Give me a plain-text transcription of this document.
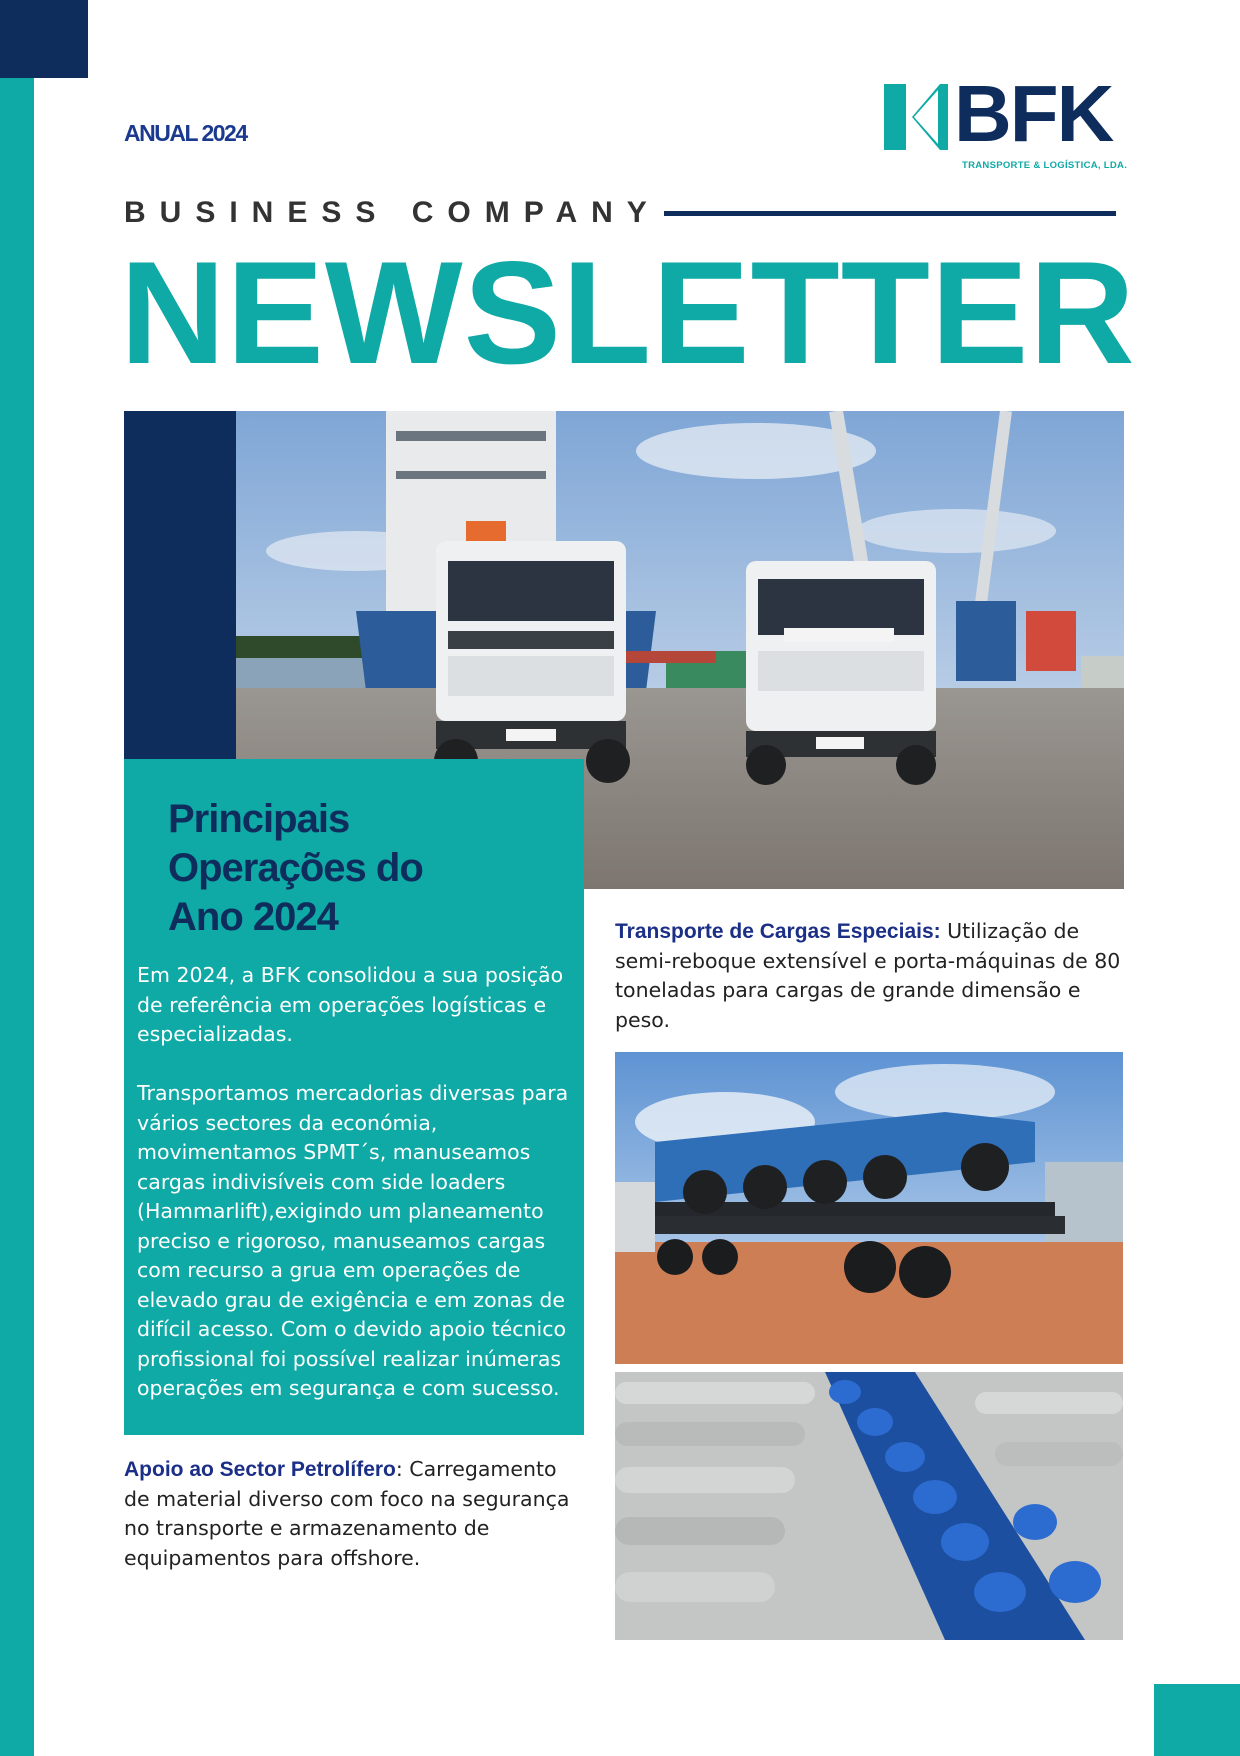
ANUAL 2024	BFK
TRANSPORTE & LOGÍSTICA, LDA.
BUSINESS COMPANY
NEWSLETTER
Principais
Operações do
Ano 2024

Em 2024, a BFK consolidou a sua posição de referência em operações logísticas e especializadas.

Transportamos mercadorias diversas para vários sectores da económia, movimentamos SPMT´s, manuseamos cargas indivisíveis com side loaders (Hammarlift),exigindo um planeamento preciso e rigoroso, manuseamos cargas com recurso a grua em operações de elevado grau de exigência e em zonas de difícil acesso. Com o devido apoio técnico profissional foi possível realizar inúmeras operações em segurança e com sucesso.

Transporte de Cargas Especiais: Utilização de semi-reboque extensível e porta-máquinas de 80 toneladas para cargas de grande dimensão e peso.
Apoio ao Sector Petrolífero: Carregamento de material diverso com foco na segurança no transporte e armazenamento de equipamentos para offshore.
